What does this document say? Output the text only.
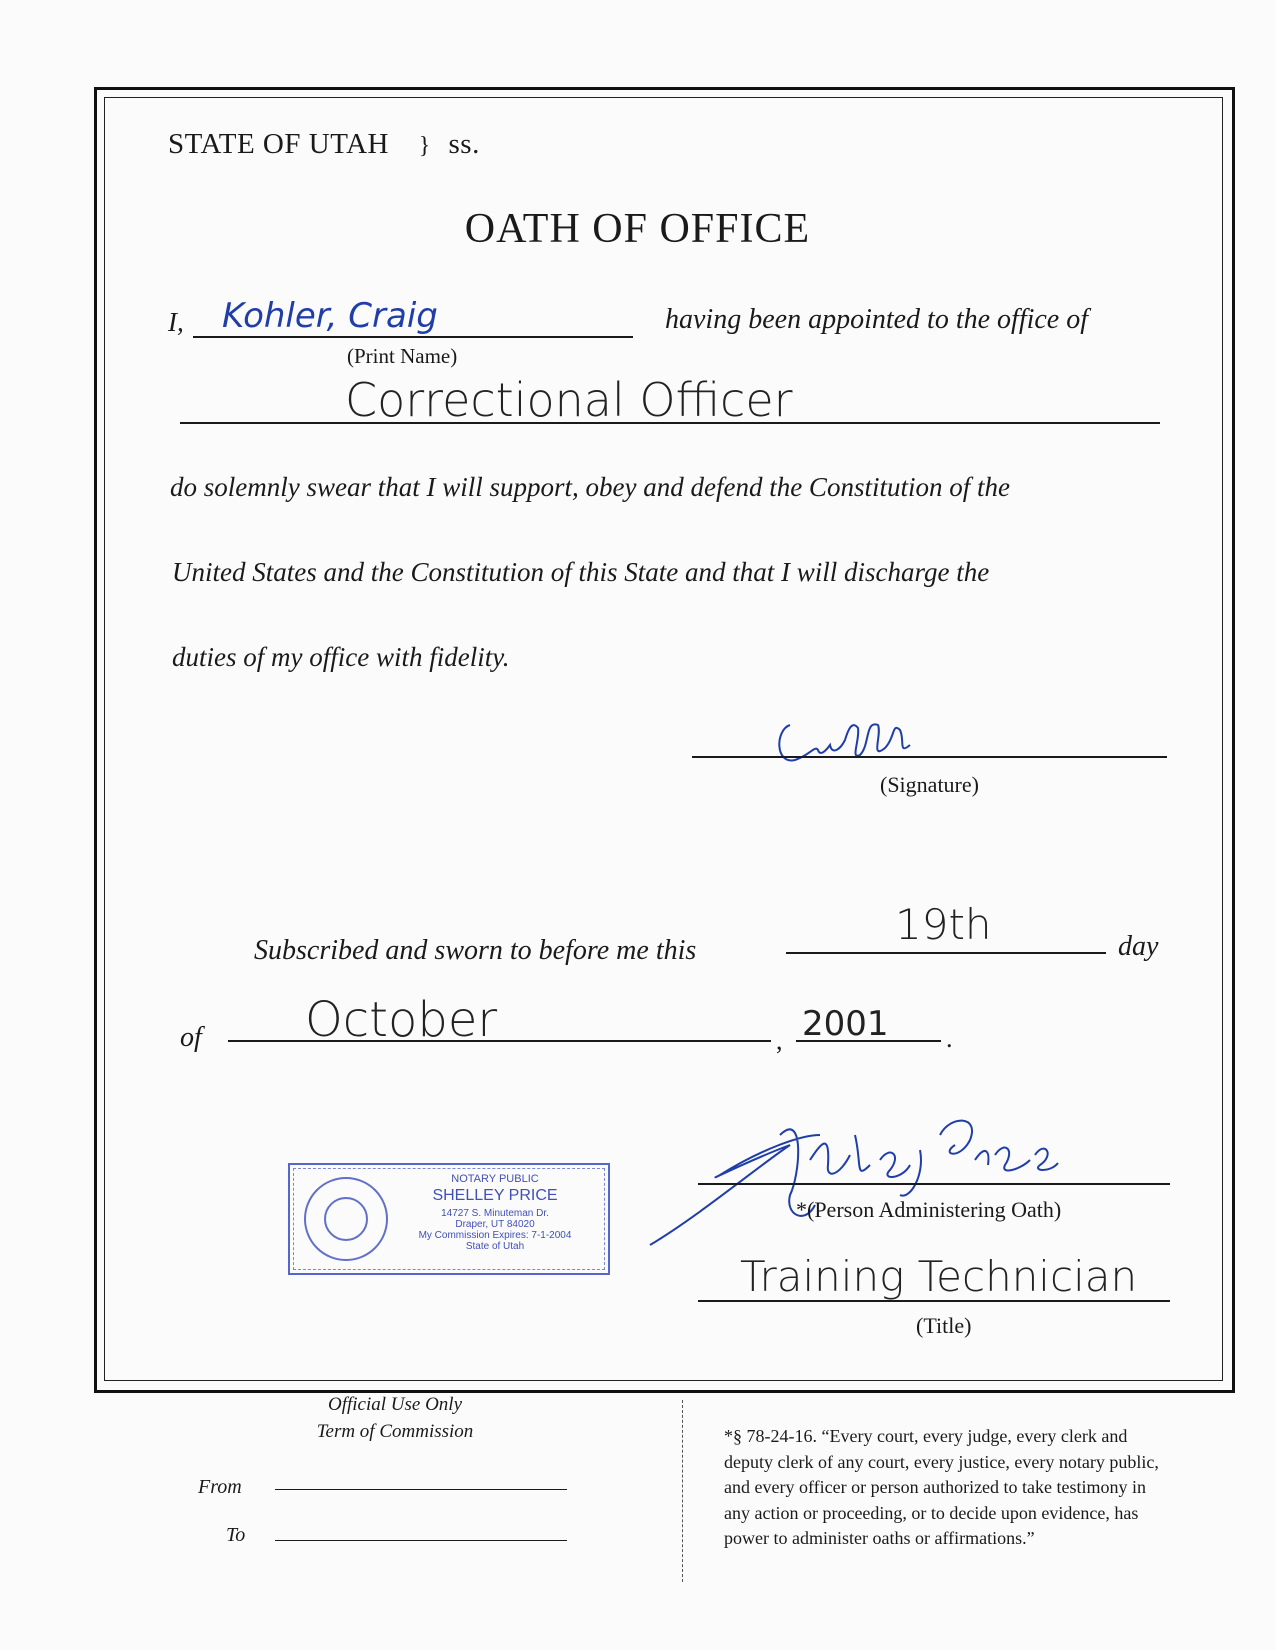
STATE OF UTAH } ss.
OATH OF OFFICE
I, Kohler, Craig
(Print Name)
having been appointed to the office of
Correctional Officer
do solemnly swear that I will support, obey and defend the Constitution of the
United States and the Constitution of this State and that I will discharge the
duties of my office with fidelity.
(Signature)
Subscribed and sworn to before me this
19th	day
of October	, 2001 .
NOTARY PUBLIC
SHELLEY PRICE
14727 S. Minuteman Dr.
Draper, UT 84020
My Commission Expires: 7-1-2004
State of Utah
*(Person Administering Oath)
Training Technician
(Title)
Official Use Only
Term of Commission
From
To
*§ 78-24-16. “Every court, every judge, every clerk and
deputy clerk of any court, every justice, every notary public,
and every officer or person authorized to take testimony in
any action or proceeding, or to decide upon evidence, has
power to administer oaths or affirmations.”
